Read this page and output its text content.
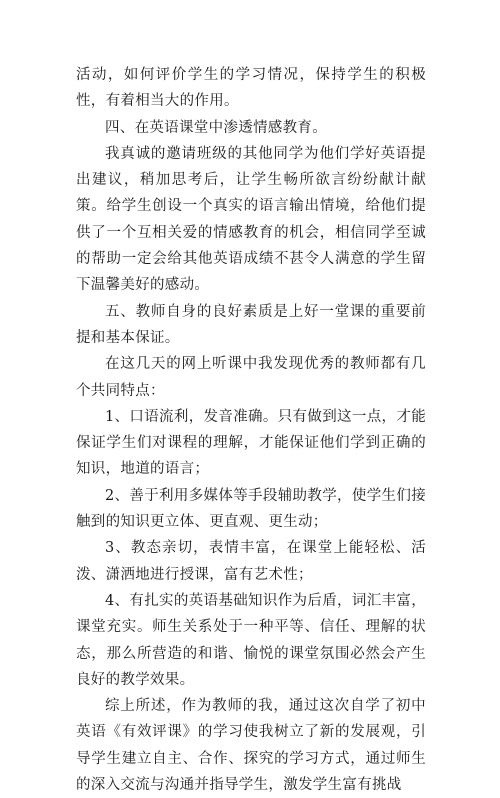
活动，如何评价学生的学习情况，保持学生的积极性，有着相当大的作用。

四、在英语课堂中渗透情感教育。

我真诚的邀请班级的其他同学为他们学好英语提出建议，稍加思考后，让学生畅所欲言纷纷献计献策。给学生创设一个真实的语言输出情境，给他们提供了一个互相关爱的情感教育的机会，相信同学至诚的帮助一定会给其他英语成绩不甚令人满意的学生留下温馨美好的感动。

五、教师自身的良好素质是上好一堂课的重要前提和基本保证。

在这几天的网上听课中我发现优秀的教师都有几个共同特点：

1、口语流利，发音准确。只有做到这一点，才能保证学生们对课程的理解，才能保证他们学到正确的知识，地道的语言；

2、善于利用多媒体等手段辅助教学，使学生们接触到的知识更立体、更直观、更生动；

3、教态亲切，表情丰富，在课堂上能轻松、活泼、潇洒地进行授课，富有艺术性；

4、有扎实的英语基础知识作为后盾，词汇丰富，课堂充实。师生关系处于一种平等、信任、理解的状态，那么所营造的和谐、愉悦的课堂氛围必然会产生良好的教学效果。

综上所述，作为教师的我，通过这次自学了初中英语《有效评课》的学习使我树立了新的发展观，引导学生建立自主、合作、探究的学习方式，通过师生的深入交流与沟通并指导学生，激发学生富有挑战
